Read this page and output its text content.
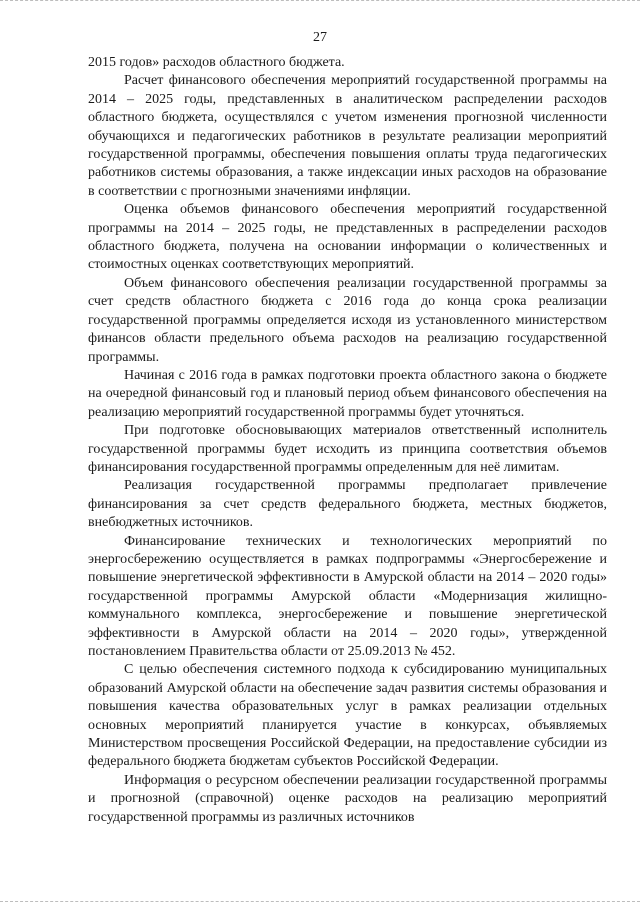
27

2015 годов» расходов областного бюджета.

Расчет финансового обеспечения мероприятий государственной программы на 2014 – 2025 годы, представленных в аналитическом распределении расходов областного бюджета, осуществлялся с учетом изменения прогнозной численности обучающихся и педагогических работников в результате реализации мероприятий государственной программы, обеспечения повышения оплаты труда педагогических работников системы образования, а также индексации иных расходов на образование в соответствии с прогнозными значениями инфляции.

Оценка объемов финансового обеспечения мероприятий государственной программы на 2014 – 2025 годы, не представленных в распределении расходов областного бюджета, получена на основании информации о количественных и стоимостных оценках соответствующих мероприятий.

Объем финансового обеспечения реализации государственной программы за счет средств областного бюджета с 2016 года до конца срока реализации государственной программы определяется исходя из установленного министерством финансов области предельного объема расходов на реализацию государственной программы.

Начиная с 2016 года в рамках подготовки проекта областного закона о бюджете на очередной финансовый год и плановый период объем финансового обеспечения на реализацию мероприятий государственной программы будет уточняться.

При подготовке обосновывающих материалов ответственный исполнитель государственной программы будет исходить из принципа соответствия объемов финансирования государственной программы определенным для неё лимитам.

Реализация государственной программы предполагает привлечение финансирования за счет средств федерального бюджета, местных бюджетов, внебюджетных источников.

Финансирование технических и технологических мероприятий по энергосбережению осуществляется в рамках подпрограммы «Энергосбережение и повышение энергетической эффективности в Амурской области на 2014 – 2020 годы» государственной программы Амурской области «Модернизация жилищно-коммунального комплекса, энергосбережение и повышение энергетической эффективности в Амурской области на 2014 – 2020 годы», утвержденной постановлением Правительства области от 25.09.2013 № 452.

С целью обеспечения системного подхода к субсидированию муниципальных образований Амурской области на обеспечение задач развития системы образования и повышения качества образовательных услуг в рамках реализации отдельных основных мероприятий планируется участие в конкурсах, объявляемых Министерством просвещения Российской Федерации, на предоставление субсидии из федерального бюджета бюджетам субъектов Российской Федерации.

Информация о ресурсном обеспечении реализации государственной программы и прогнозной (справочной) оценке расходов на реализацию мероприятий государственной программы из различных источников
